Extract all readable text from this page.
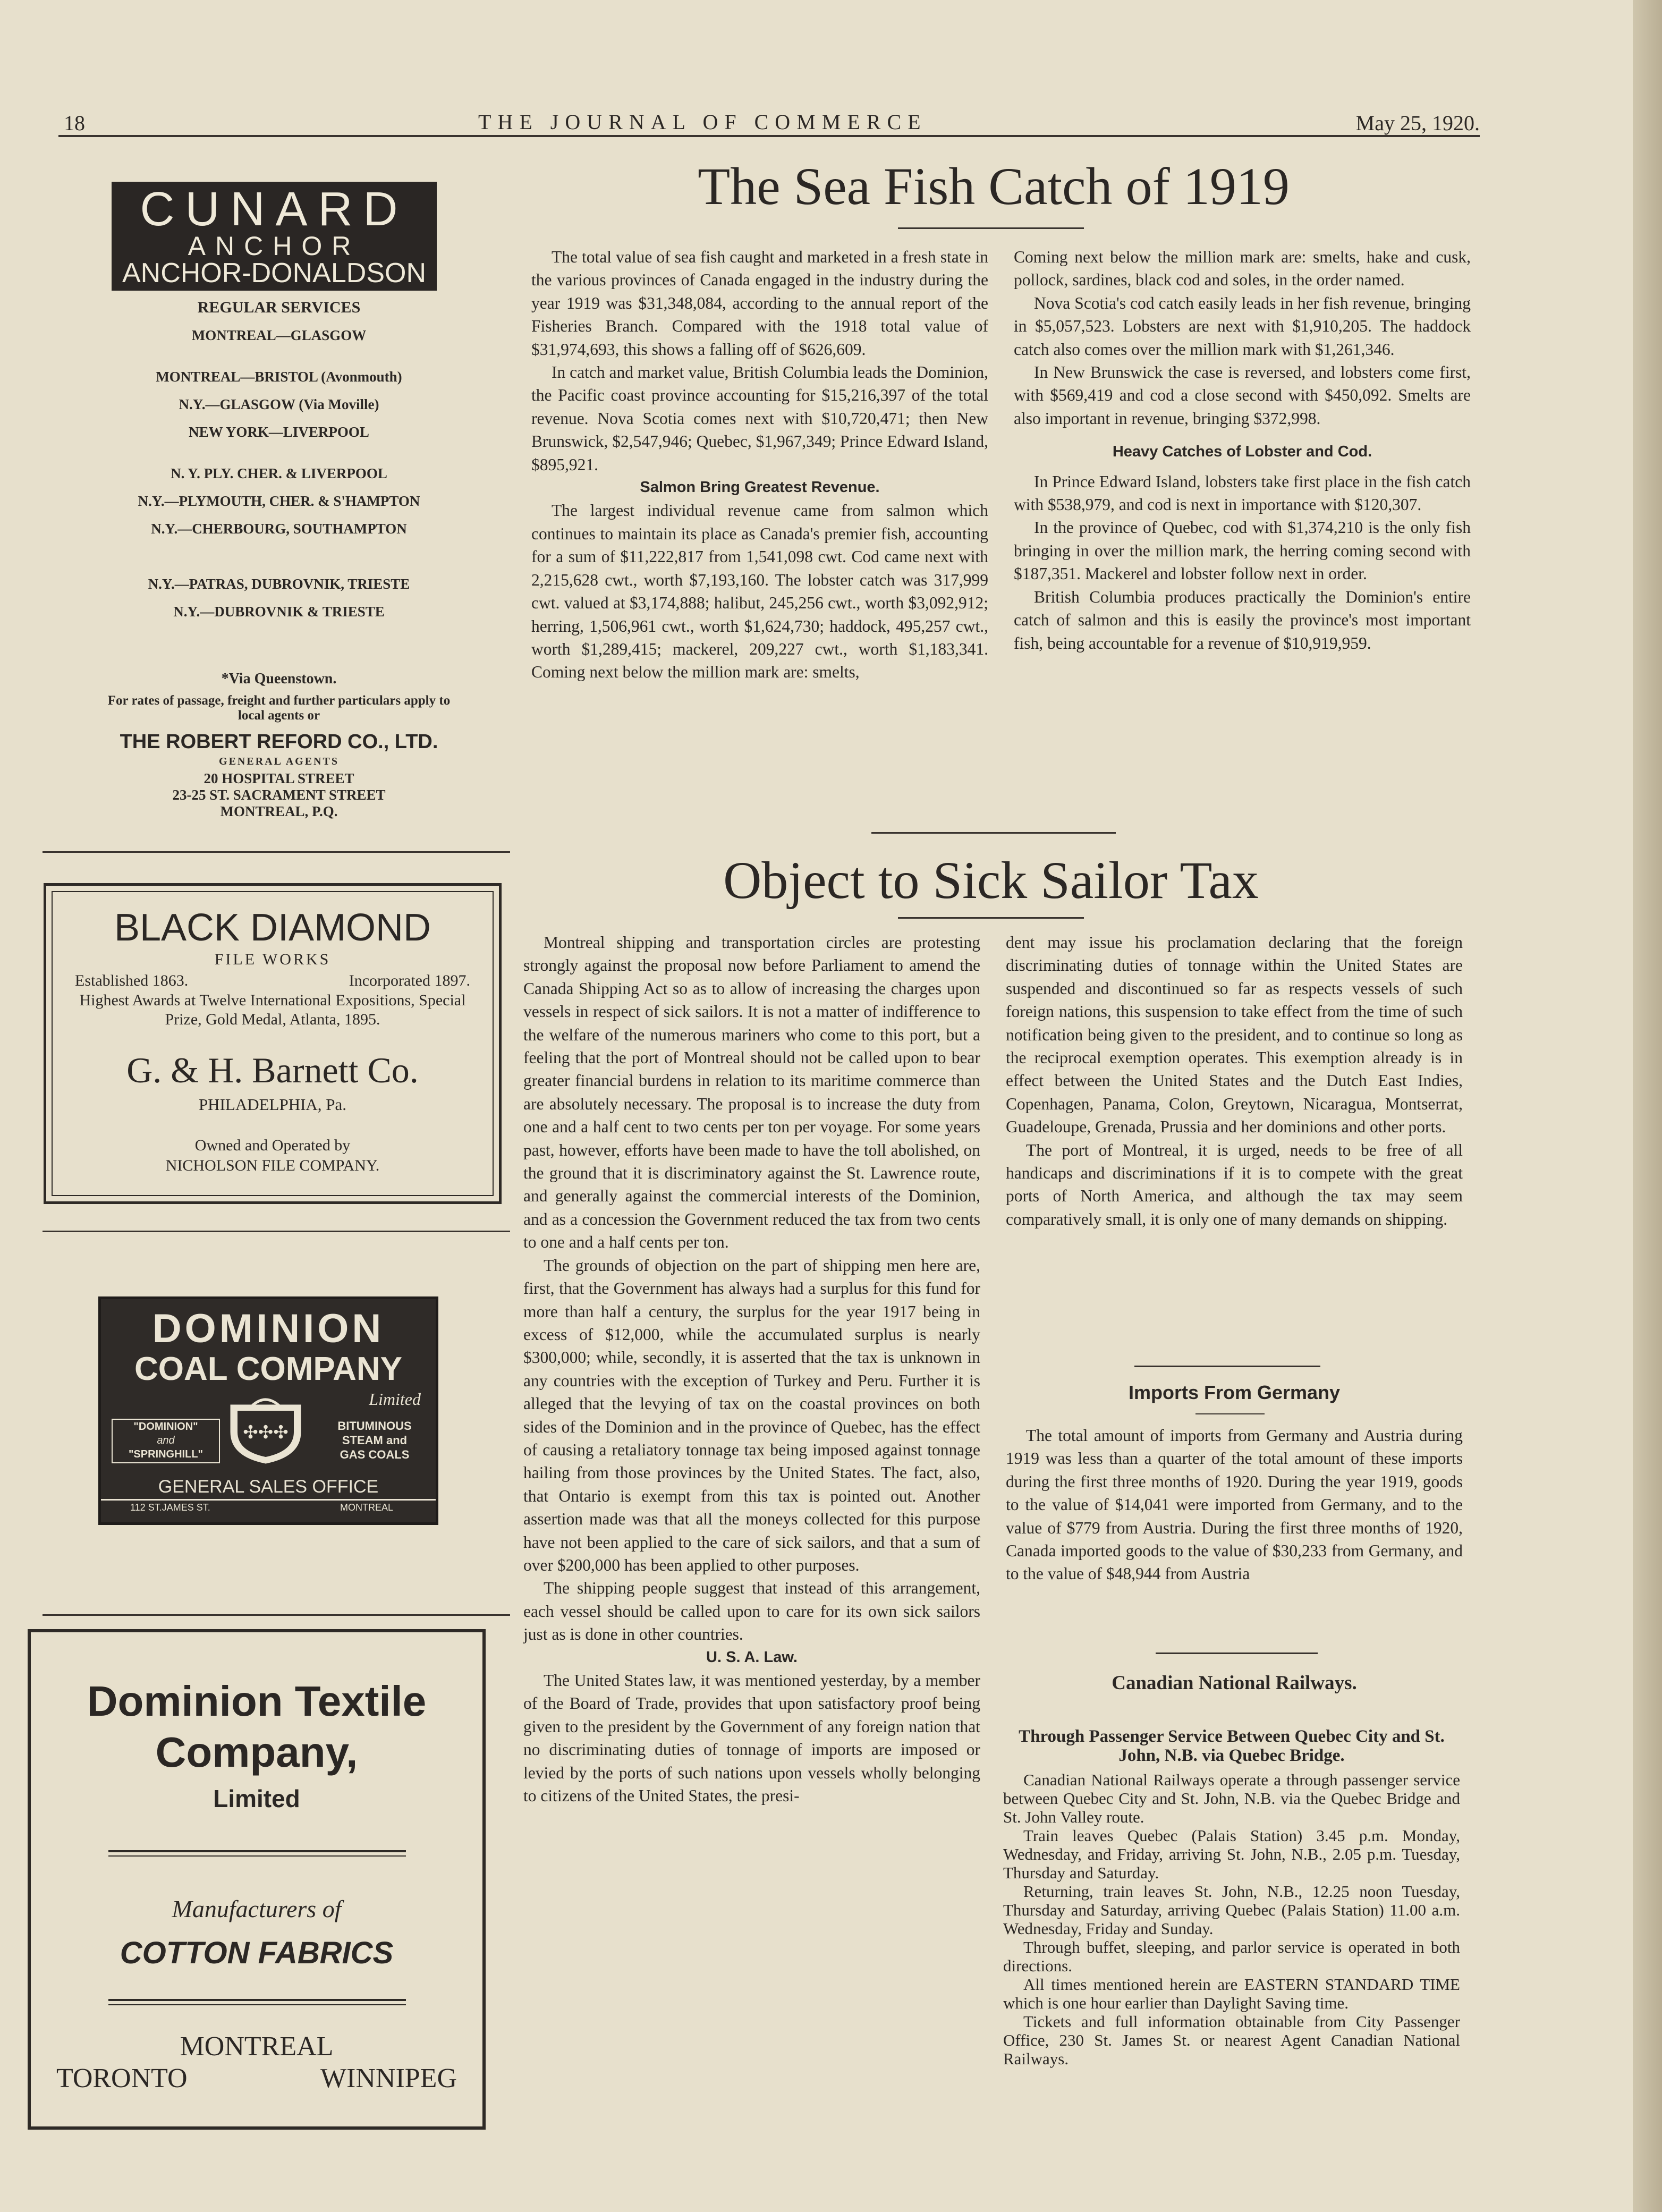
18	THE JOURNAL OF COMMERCE	May 25, 1920.
CUNARD
ANCHOR
ANCHOR-DONALDSON
REGULAR SERVICES
MONTREAL—GLASGOW
MONTREAL—BRISTOL (Avonmouth)
N.Y.—GLASGOW (Via Moville)
NEW YORK—LIVERPOOL
N. Y. PLY. CHER. & LIVERPOOL
N.Y.—PLYMOUTH, CHER. & S'HAMPTON
N.Y.—CHERBOURG, SOUTHAMPTON
N.Y.—PATRAS, DUBROVNIK, TRIESTE
N.Y.—DUBROVNIK & TRIESTE
*Via Queenstown.
For rates of passage, freight and further particulars apply to local agents or
THE ROBERT REFORD CO., LTD.
GENERAL AGENTS
20 HOSPITAL STREET
23-25 ST. SACRAMENT STREET
MONTREAL, P.Q.
BLACK DIAMOND
FILE WORKS
Established 1863.	Incorporated 1897.
Highest Awards at Twelve International Expositions, Special Prize, Gold Medal, Atlanta, 1895.
G. & H. Barnett Co.
PHILADELPHIA, Pa.
Owned and Operated by
NICHOLSON FILE COMPANY.
DOMINION
COAL COMPANY
Limited
✣✣✣
"DOMINION"
and
"SPRINGHILL"
BITUMINOUS
STEAM and
GAS COALS
GENERAL SALES OFFICE
112 ST.JAMES ST.	MONTREAL
Dominion Textile
Company,
Limited
Manufacturers of
COTTON FABRICS
MONTREAL
TORONTO	WINNIPEG
The Sea Fish Catch of 1919

The total value of sea fish caught and marketed in a fresh state in the various provinces of Canada engaged in the industry during the year 1919 was $31,348,084, according to the annual report of the Fisheries Branch. Compared with the 1918 total value of $31,974,693, this shows a falling off of $626,609.

In catch and market value, British Columbia leads the Dominion, the Pacific coast province accounting for $15,216,397 of the total revenue. Nova Scotia comes next with $10,720,471; then New Brunswick, $2,547,946; Quebec, $1,967,349; Prince Edward Island, $895,921.

Salmon Bring Greatest Revenue.

The largest individual revenue came from salmon which continues to maintain its place as Canada's premier fish, accounting for a sum of $11,222,817 from 1,541,098 cwt. Cod came next with 2,215,628 cwt., worth $7,193,160. The lobster catch was 317,999 cwt. valued at $3,174,888; halibut, 245,256 cwt., worth $3,092,912; herring, 1,506,961 cwt., worth $1,624,730; haddock, 495,257 cwt., worth $1,289,415; mackerel, 209,227 cwt., worth $1,183,341. Coming next below the million mark are: smelts,

Coming next below the million mark are: smelts, hake and cusk, pollock, sardines, black cod and soles, in the order named.

Nova Scotia's cod catch easily leads in her fish revenue, bringing in $5,057,523. Lobsters are next with $1,910,205. The haddock catch also comes over the million mark with $1,261,346.

In New Brunswick the case is reversed, and lobsters come first, with $569,419 and cod a close second with $450,092. Smelts are also important in revenue, bringing $372,998.

Heavy Catches of Lobster and Cod.

In Prince Edward Island, lobsters take first place in the fish catch with $538,979, and cod is next in importance with $120,307.

In the province of Quebec, cod with $1,374,210 is the only fish bringing in over the million mark, the herring coming second with $187,351. Mackerel and lobster follow next in order.

British Columbia produces practically the Dominion's entire catch of salmon and this is easily the province's most important fish, being accountable for a revenue of $10,919,959.

Object to Sick Sailor Tax

Montreal shipping and transportation circles are protesting strongly against the proposal now before Parliament to amend the Canada Shipping Act so as to allow of increasing the charges upon vessels in respect of sick sailors. It is not a matter of indifference to the welfare of the numerous mariners who come to this port, but a feeling that the port of Montreal should not be called upon to bear greater financial burdens in relation to its maritime commerce than are absolutely necessary. The proposal is to increase the duty from one and a half cent to two cents per ton per voyage. For some years past, however, efforts have been made to have the toll abolished, on the ground that it is discriminatory against the St. Lawrence route, and generally against the commercial interests of the Dominion, and as a concession the Government reduced the tax from two cents to one and a half cents per ton.

The grounds of objection on the part of shipping men here are, first, that the Government has always had a surplus for this fund for more than half a century, the surplus for the year 1917 being in excess of $12,000, while the accumulated surplus is nearly $300,000; while, secondly, it is asserted that the tax is unknown in any countries with the exception of Turkey and Peru. Further it is alleged that the levying of tax on the coastal provinces on both sides of the Dominion and in the province of Quebec, has the effect of causing a retaliatory tonnage tax being imposed against tonnage hailing from those provinces by the United States. The fact, also, that Ontario is exempt from this tax is pointed out. Another assertion made was that all the moneys collected for this purpose have not been applied to the care of sick sailors, and that a sum of over $200,000 has been applied to other purposes.

The shipping people suggest that instead of this arrangement, each vessel should be called upon to care for its own sick sailors just as is done in other countries.

U. S. A. Law.

The United States law, it was mentioned yesterday, by a member of the Board of Trade, provides that upon satisfactory proof being given to the president by the Government of any foreign nation that no discriminating duties of tonnage of imports are imposed or levied by the ports of such nations upon vessels wholly belonging to citizens of the United States, the presi-

dent may issue his proclamation declaring that the foreign discriminating duties of tonnage within the United States are suspended and discontinued so far as respects vessels of such foreign nations, this suspension to take effect from the time of such notification being given to the president, and to continue so long as the reciprocal exemption operates. This exemption already is in effect between the United States and the Dutch East Indies, Copenhagen, Panama, Colon, Greytown, Nicaragua, Montserrat, Guadeloupe, Grenada, Prussia and her dominions and other ports.

The port of Montreal, it is urged, needs to be free of all handicaps and discriminations if it is to compete with the great ports of North America, and although the tax may seem comparatively small, it is only one of many demands on shipping.

Imports From Germany

The total amount of imports from Germany and Austria during 1919 was less than a quarter of the total amount of these imports during the first three months of 1920. During the year 1919, goods to the value of $14,041 were imported from Germany, and to the value of $779 from Austria. During the first three months of 1920, Canada imported goods to the value of $30,233 from Germany, and to the value of $48,944 from Austria

Canadian National Railways.

Through Passenger Service Between Quebec City and St. John, N.B. via Quebec Bridge.

Canadian National Railways operate a through passenger service between Quebec City and St. John, N.B. via the Quebec Bridge and St. John Valley route.

Train leaves Quebec (Palais Station) 3.45 p.m. Monday, Wednesday, and Friday, arriving St. John, N.B., 2.05 p.m. Tuesday, Thursday and Saturday.

Returning, train leaves St. John, N.B., 12.25 noon Tuesday, Thursday and Saturday, arriving Quebec (Palais Station) 11.00 a.m. Wednesday, Friday and Sunday.

Through buffet, sleeping, and parlor service is operated in both directions.

All times mentioned herein are EASTERN STANDARD TIME which is one hour earlier than Daylight Saving time.

Tickets and full information obtainable from City Passenger Office, 230 St. James St. or nearest Agent Canadian National Railways.
